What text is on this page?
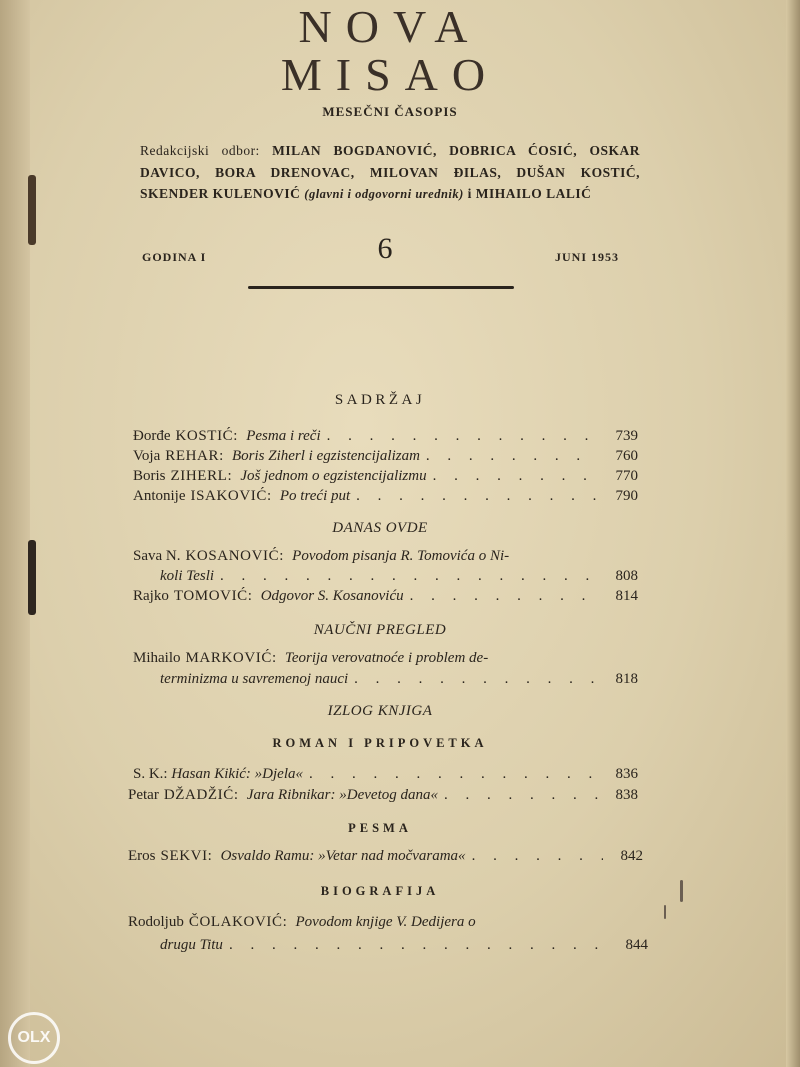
NOVA
MISAO
MESEČNI ČASOPIS
Redakcijski odbor: MILAN BOGDANOVIĆ, DOBRICA ĆOSIĆ, OSKAR DAVICO, BORA DRENOVAC, MILOVAN ĐILAS, DUŠAN KOSTIĆ, SKENDER KULENOVIĆ (glavni i odgovorni urednik) i MIHAILO LALIĆ
GODINA I	6	JUNI 1953
SADRŽAJ
Đorđe KOSTIĆ : Pesma i reči . . .	739
Voja REHAR : Boris Ziherl i egzistencijalizam . . .	760
Boris ZIHERL : Još jednom o egzistencijalizmu . . .	770
Antonije ISAKOVIĆ : Po treći put . . .	790
DANAS OVDE
Sava N. KOSANOVIĆ : Povodom pisanja R. Tomovića o Ni-
koli Tesli . . .	808
Rajko TOMOVIĆ : Odgovor S. Kosanoviću . . .	814
NAUČNI PREGLED
Mihailo MARKOVIĆ : Teorija verovatnoće i problem de-
terminizma u savremenoj nauci . . .	818
IZLOG KNJIGA
ROMAN I PRIPOVETKA
S. K.:
Hasan Kikić: »Djela« . . .	836
Petar DŽADŽIĆ : Jara Ribnikar: »Devetog dana« . . .	838
PESMA
Eros SEKVI : Osvaldo Ramu: »Vetar nad močvarama« . . .	842
BIOGRAFIJA
Rodoljub ČOLAKOVIĆ : Povodom knjige V. Dedijera o
drugu Titu . . .	844
OLX
